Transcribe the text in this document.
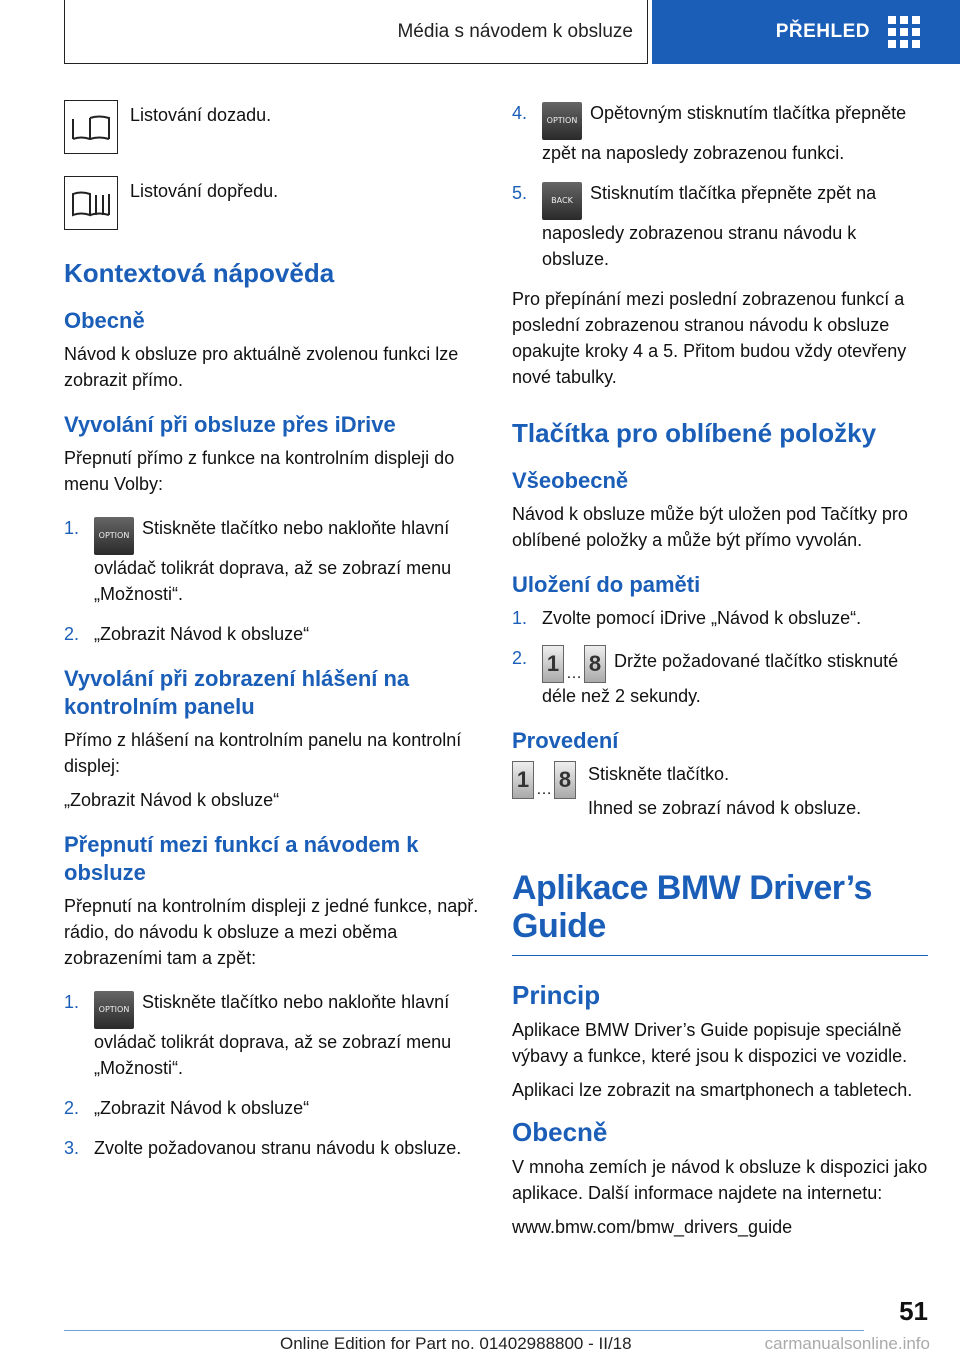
Média s návodem k obsluze	PŘEHLED

Listování dozadu.

Listování dopředu.

Kontextová nápověda
Obecně

Návod k obsluze pro aktuálně zvolenou funkci lze zobrazit přímo.

Vyvolání při obsluze přes iDrive

Přepnutí přímo z funkce na kontrolním displeji do menu Volby:

1. OPTION Stiskněte tlačítko nebo nakloňte hlavní ovládač tolikrát doprava, až se zobrazí menu „Možnosti“.
2. „Zobrazit Návod k obsluze“
Vyvolání při zobrazení hlášení na kontrolním panelu

Přímo z hlášení na kontrolním panelu na kontrolní displej:

„Zobrazit Návod k obsluze“

Přepnutí mezi funkcí a návodem k obsluze

Přepnutí na kontrolním displeji z jedné funkce, např. rádio, do návodu k obsluze a mezi oběma zobrazeními tam a zpět:

1. OPTION Stiskněte tlačítko nebo nakloňte hlavní ovládač tolikrát doprava, až se zobrazí menu „Možnosti“.
2. „Zobrazit Návod k obsluze“
3. Zvolte požadovanou stranu návodu k obsluze.
4. OPTION Opětovným stisknutím tlačítka přepněte zpět na naposledy zobrazenou funkci.
5.	BACK Stisknutím tlačítka přepněte zpět na naposledy zobrazenou stranu návodu k obsluze.

Pro přepínání mezi poslední zobrazenou funkcí a poslední zobrazenou stranou návodu k obsluze opakujte kroky 4 a 5. Přitom budou vždy otevřeny nové tabulky.

Tlačítka pro oblíbené položky
Všeobecně

Návod k obsluze může být uložen pod Tačítky pro oblíbené položky a může být přímo vyvolán.

Uložení do paměti
1. Zvolte pomocí iDrive „Návod k obsluze“.
2. 1 … 8 Držte požadované tlačítko stisknuté déle než 2 sekundy.
Provedení
1 … 8 Stiskněte tlačítko.

Ihned se zobrazí návod k obsluze.

Aplikace BMW Driver’s Guide
Princip

Aplikace BMW Driver’s Guide popisuje speciálně výbavy a funkce, které jsou k dispozici ve vozidle.

Aplikaci lze zobrazit na smartphonech a tabletech.

Obecně

V mnoha zemích je návod k obsluze k dispozici jako aplikace. Další informace najdete na internetu:

www.bmw.com/bmw_drivers_guide

51
Online Edition for Part no. 01402988800 - II/18	carmanualsonline.info
